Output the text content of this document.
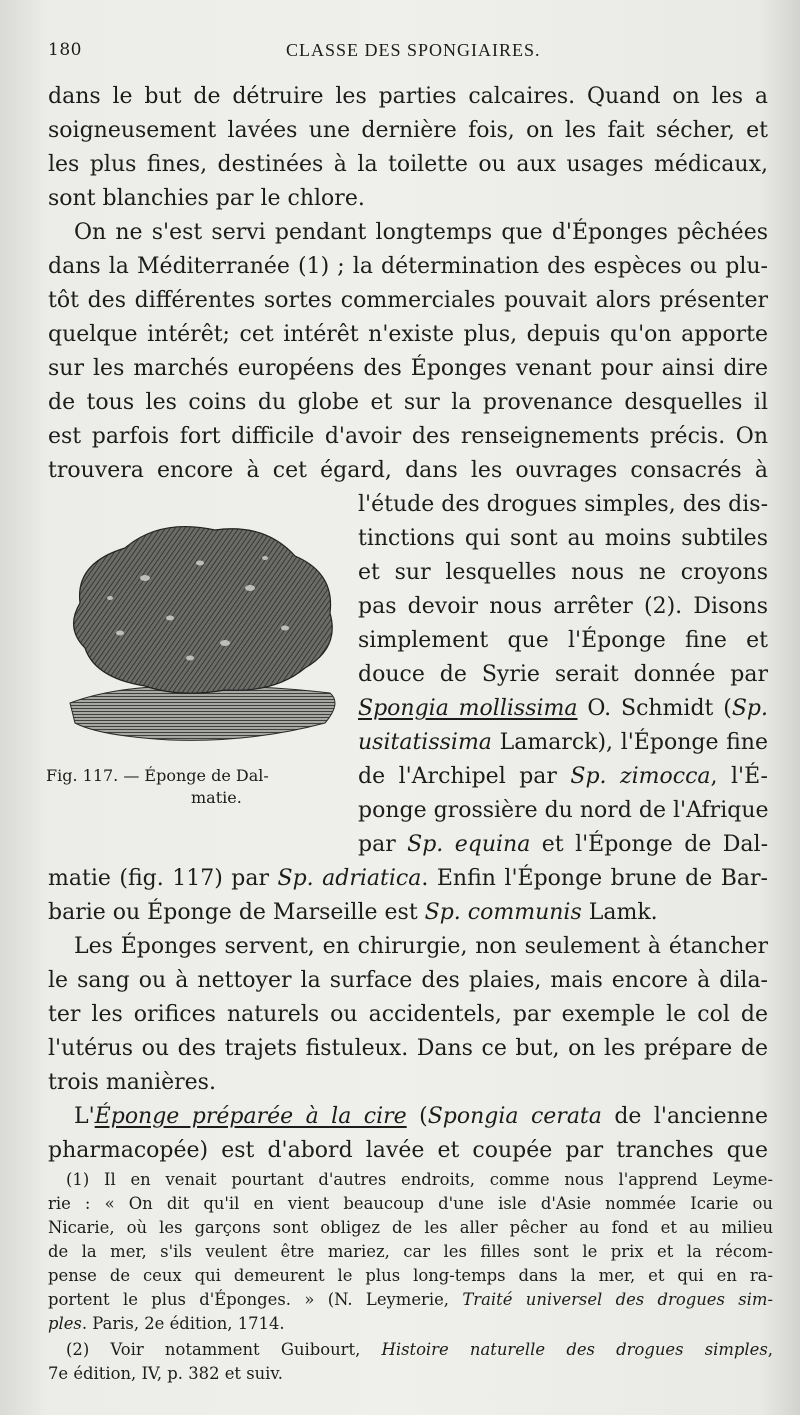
180	CLASSE DES SPONGIAIRES.
dans le but de détruire les parties calcaires. Quand on les a
soigneusement lavées une dernière fois, on les fait sécher, et
les plus fines, destinées à la toilette ou aux usages médicaux,
sont blanchies par le chlore.
On ne s'est servi pendant longtemps que d'Éponges pêchées
dans la Méditerranée (1) ; la détermination des espèces ou plu-
tôt des différentes sortes commerciales pouvait alors présenter
quelque intérêt; cet intérêt n'existe plus, depuis qu'on apporte
sur les marchés européens des Éponges venant pour ainsi dire
de tous les coins du globe et sur la provenance desquelles il
est parfois fort difficile d'avoir des renseignements précis. On
trouvera encore à cet égard, dans les ouvrages consacrés à
l'étude des drogues simples, des dis-
tinctions qui sont au moins subtiles
et sur lesquelles nous ne croyons
pas devoir nous arrêter (2). Disons
simplement que l'Éponge fine et
douce de Syrie serait donnée par
Spongia mollissima O. Schmidt (Sp.
usitatissima Lamarck), l'Éponge fine
de l'Archipel par Sp. zimocca, l'É-
ponge grossière du nord de l'Afrique
par Sp. equina et l'Éponge de Dal-
matie (fig. 117) par Sp. adriatica. Enfin l'Éponge brune de Bar-
barie ou Éponge de Marseille est Sp. communis Lamk.
Les Éponges servent, en chirurgie, non seulement à étancher
le sang ou à nettoyer la surface des plaies, mais encore à dila-
ter les orifices naturels ou accidentels, par exemple le col de
l'utérus ou des trajets fistuleux. Dans ce but, on les prépare de
trois manières.
L'Éponge préparée à la cire (Spongia cerata de l'ancienne
pharmacopée) est d'abord lavée et coupée par tranches que
Fig. 117. — Éponge de Dal-
matie.
(1) Il en venait pourtant d'autres endroits, comme nous l'apprend Leyme-
rie : « On dit qu'il en vient beaucoup d'une isle d'Asie nommée Icarie ou
Nicarie, où les garçons sont obligez de les aller pêcher au fond et au milieu
de la mer, s'ils veulent être mariez, car les filles sont le prix et la récom-
pense de ceux qui demeurent le plus long-temps dans la mer, et qui en ra-
portent le plus d'Éponges. » (N. Leymerie, Traité universel des drogues sim-
ples. Paris, 2e édition, 1714.
(2) Voir notamment Guibourt, Histoire naturelle des drogues simples,
7e édition, IV, p. 382 et suiv.
